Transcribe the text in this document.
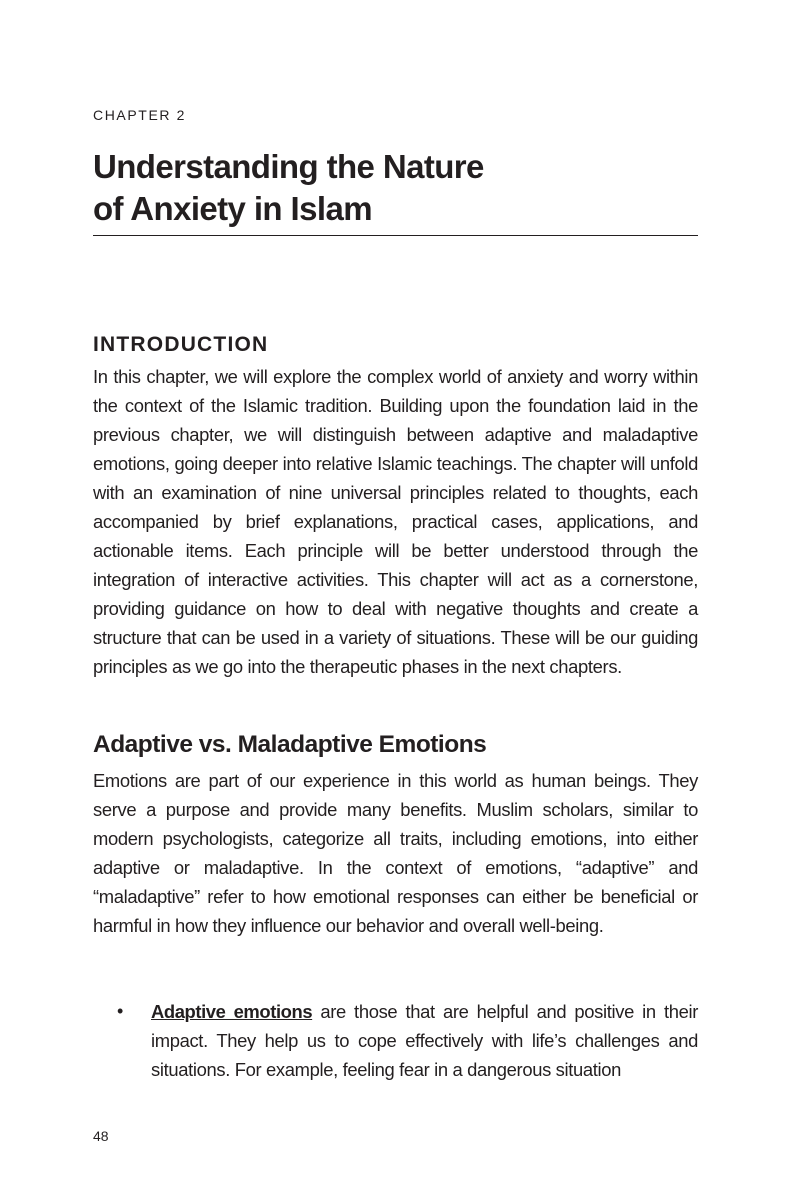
CHAPTER 2
Understanding the Nature
of Anxiety in Islam
INTRODUCTION

In this chapter, we will explore the complex world of anxiety and worry within the context of the Islamic tradition. Building upon the foundation laid in the previous chapter, we will distinguish between adaptive and maladaptive emotions, going deeper into relative Islamic teachings. The chapter will unfold with an examination of nine universal principles related to thoughts, each accompanied by brief explanations, practical cases, applications, and actionable items. Each principle will be better understood through the integration of interactive activities. This chapter will act as a cornerstone, providing guidance on how to deal with negative thoughts and create a structure that can be used in a variety of situations. These will be our guiding principles as we go into the therapeutic phases in the next chapters.

Adaptive vs. Maladaptive Emotions

Emotions are part of our experience in this world as human beings. They serve a purpose and provide many benefits. Muslim scholars, similar to modern psychologists, categorize all traits, including emotions, into either adaptive or maladaptive. In the context of emotions, “adaptive” and “maladaptive” refer to how emotional responses can either be beneficial or harmful in how they influence our behavior and overall well-being.

• Adaptive emotions are those that are helpful and positive in their impact. They help us to cope effectively with life’s challenges and situations. For example, feeling fear in a dangerous situation

48
